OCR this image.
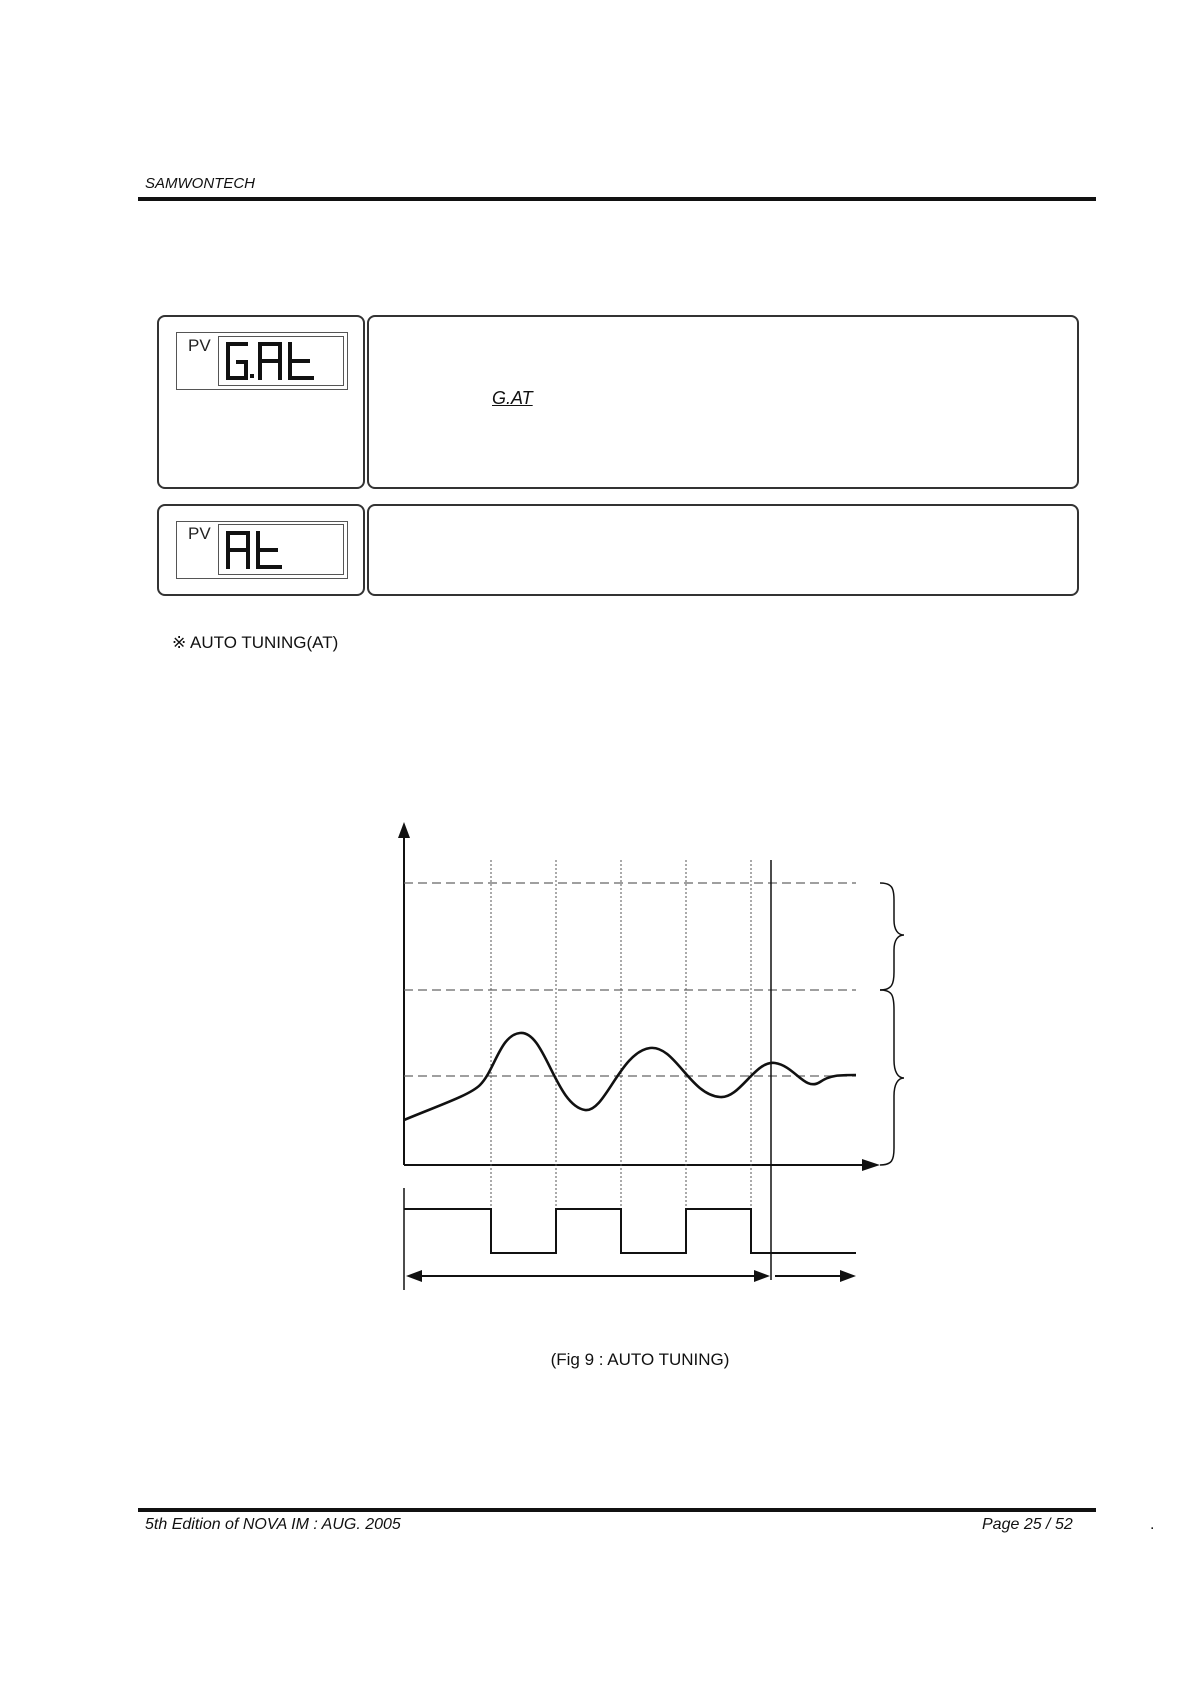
SAMWONTECH
PV
G.AT
PV
※ AUTO TUNING(AT)
(Fig 9 : AUTO TUNING)
5th Edition of NOVA IM : AUG. 2005	Page 25 / 52	.
